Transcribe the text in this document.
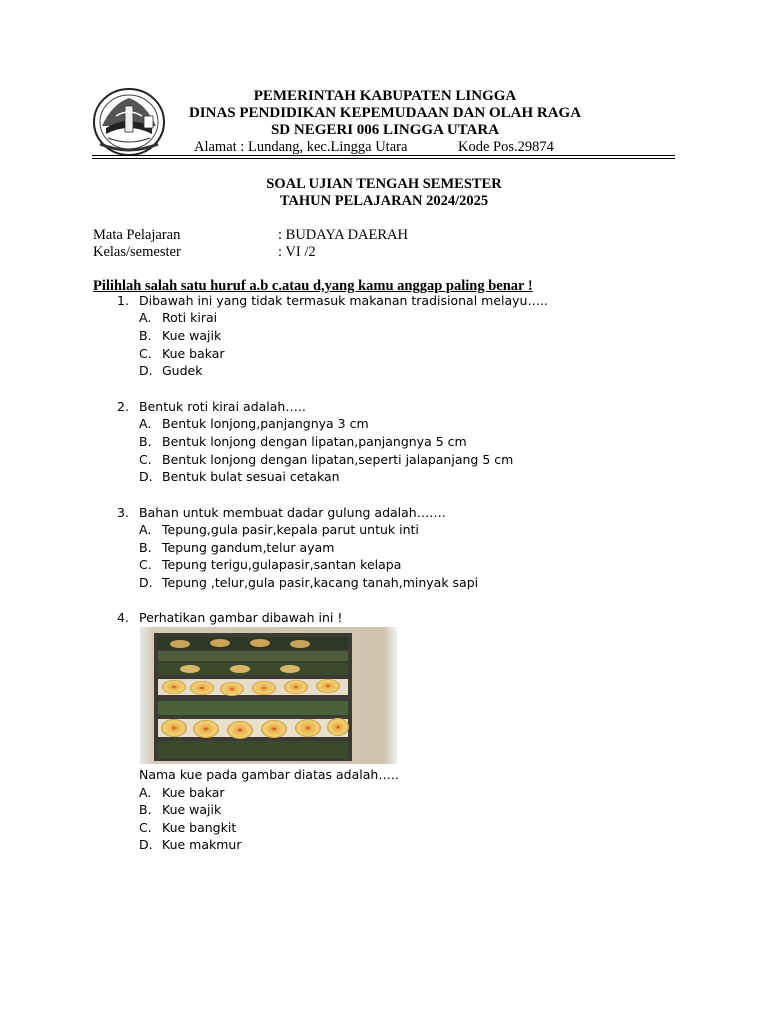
PEMERINTAH KABUPATEN LINGGA
DINAS PENDIDIKAN KEPEMUDAAN DAN OLAH RAGA
SD NEGERI 006 LINGGA UTARA
Alamat : Lundang, kec.Lingga Utara	Kode Pos.29874
SOAL UJIAN TENGAH SEMESTER
TAHUN PELAJARAN 2024/2025
Mata Pelajaran	: BUDAYA DAERAH
Kelas/semester	: VI /2
Pilihlah salah satu huruf a.b c.atau d,yang kamu anggap paling benar !
1. Dibawah ini yang tidak termasuk makanan tradisional melayu…..
A. Roti kirai
B. Kue wajik
C. Kue bakar
D. Gudek
2. Bentuk roti kirai adalah…..
A. Bentuk lonjong,panjangnya 3 cm
B. Bentuk lonjong dengan lipatan,panjangnya 5 cm
C. Bentuk lonjong dengan lipatan,seperti jalapanjang 5 cm
D. Bentuk bulat sesuai cetakan
3. Bahan untuk membuat dadar gulung adalah…….
A. Tepung,gula pasir,kepala parut untuk inti
B. Tepung gandum,telur ayam
C. Tepung terigu,gulapasir,santan kelapa
D. Tepung ,telur,gula pasir,kacang tanah,minyak sapi
4. Perhatikan gambar dibawah ini !
Nama kue pada gambar diatas adalah…..
A. Kue bakar
B. Kue wajik
C. Kue bangkit
D. Kue makmur
